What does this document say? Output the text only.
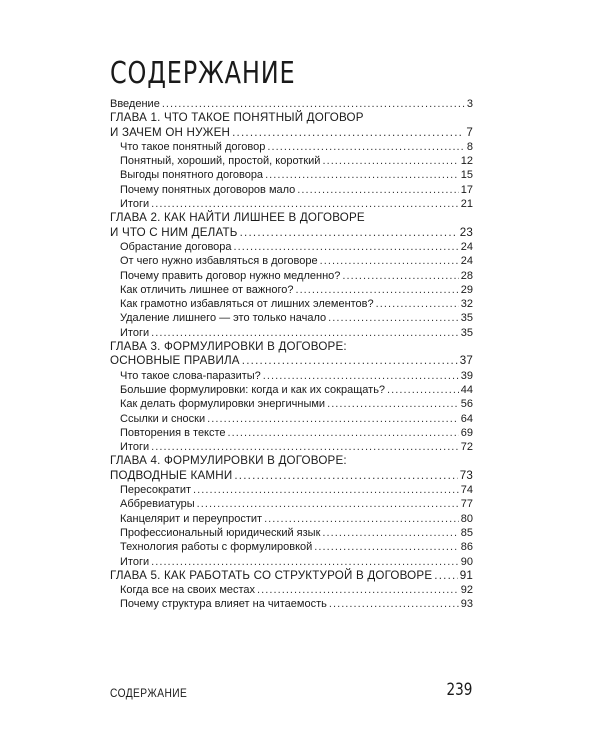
СОДЕРЖАНИЕ
Введение . . .	3
ГЛАВА 1. ЧТО ТАКОЕ ПОНЯТНЫЙ ДОГОВОР
И ЗАЧЕМ ОН НУЖЕН . . .	7
Что такое понятный договор . . .	8
Понятный, хороший, простой, короткий . . .	12
Выгоды понятного договора . . .	15
Почему понятных договоров мало . . .	17
Итоги . . .	21
ГЛАВА 2. КАК НАЙТИ ЛИШНЕЕ В ДОГОВОРЕ
И ЧТО С НИМ ДЕЛАТЬ . . .	23
Обрастание договора . . .	24
От чего нужно избавляться в договоре . . .	24
Почему править договор нужно медленно? . . .	28
Как отличить лишнее от важного? . . .	29
Как грамотно избавляться от лишних элементов? . . .	32
Удаление лишнего — это только начало . . .	35
Итоги . . .	35
ГЛАВА 3. ФОРМУЛИРОВКИ В ДОГОВОРЕ:
ОСНОВНЫЕ ПРАВИЛА . . .	37
Что такое слова-паразиты? . . .	39
Большие формулировки: когда и как их сокращать? . . .	44
Как делать формулировки энергичными . . .	56
Ссылки и сноски . . .	64
Повторения в тексте . . .	69
Итоги . . .	72
ГЛАВА 4. ФОРМУЛИРОВКИ В ДОГОВОРЕ:
ПОДВОДНЫЕ КАМНИ . . .	73
Пересократит . . .	74
Аббревиатуры . . .	77
Канцелярит и переупростит . . .	80
Профессиональный юридический язык . . .	85
Технология работы с формулировкой . . .	86
Итоги . . .	90
ГЛАВА 5. КАК РАБОТАТЬ СО СТРУКТУРОЙ В ДОГОВОРЕ . . . 91
Когда все на своих местах . . .	92
Почему структура влияет на читаемость . . .	93
СОДЕРЖАНИЕ	239
